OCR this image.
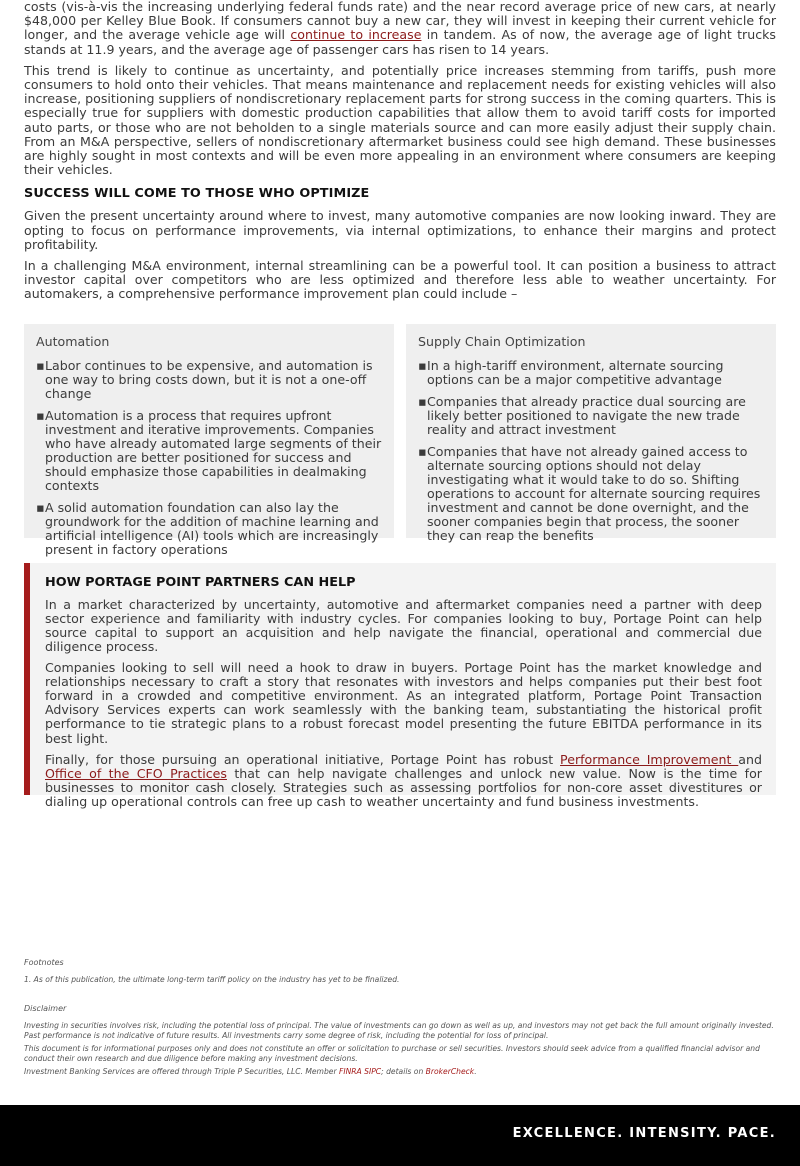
costs (vis-à-vis the increasing underlying federal funds rate) and the near record average price of new cars, at nearly $48,000 per Kelley Blue Book. If consumers cannot buy a new car, they will invest in keeping their current vehicle for longer, and the average vehicle age will continue to increase in tandem. As of now, the average age of light trucks stands at 11.9 years, and the average age of passenger cars has risen to 14 years.

This trend is likely to continue as uncertainty, and potentially price increases stemming from tariffs, push more consumers to hold onto their vehicles. That means maintenance and replacement needs for existing vehicles will also increase, positioning suppliers of nondiscretionary replacement parts for strong success in the coming quarters. This is especially true for suppliers with domestic production capabilities that allow them to avoid tariff costs for imported auto parts, or those who are not beholden to a single materials source and can more easily adjust their supply chain. From an M&A perspective, sellers of nondiscretionary aftermarket business could see high demand. These businesses are highly sought in most contexts and will be even more appealing in an environment where consumers are keeping their vehicles.

SUCCESS WILL COME TO THOSE WHO OPTIMIZE

Given the present uncertainty around where to invest, many automotive companies are now looking inward. They are opting to focus on performance improvements, via internal optimizations, to enhance their margins and protect profitability.

In a challenging M&A environment, internal streamlining can be a powerful tool. It can position a business to attract investor capital over competitors who are less optimized and therefore less able to weather uncertainty. For automakers, a comprehensive performance improvement plan could include –

Automation
▪ Labor continues to be expensive, and automation is one way to bring costs down, but it is not a one-off change
▪ Automation is a process that requires upfront investment and iterative improvements. Companies who have already automated large segments of their production are better positioned for success and should emphasize those capabilities in dealmaking contexts
▪ A solid automation foundation can also lay the groundwork for the addition of machine learning and artificial intelligence (AI) tools which are increasingly present in factory operations
Supply Chain Optimization
▪ In a high-tariff environment, alternate sourcing options can be a major competitive advantage
▪ Companies that already practice dual sourcing are likely better positioned to navigate the new trade reality and attract investment
▪ Companies that have not already gained access to alternate sourcing options should not delay investigating what it would take to do so. Shifting operations to account for alternate sourcing requires investment and cannot be done overnight, and the sooner companies begin that process, the sooner they can reap the benefits
HOW PORTAGE POINT PARTNERS CAN HELP

In a market characterized by uncertainty, automotive and aftermarket companies need a partner with deep sector experience and familiarity with industry cycles. For companies looking to buy, Portage Point can help source capital to support an acquisition and help navigate the financial, operational and commercial due diligence process.

Companies looking to sell will need a hook to draw in buyers. Portage Point has the market knowledge and relationships necessary to craft a story that resonates with investors and helps companies put their best foot forward in a crowded and competitive environment. As an integrated platform, Portage Point Transaction Advisory Services experts can work seamlessly with the banking team, substantiating the historical profit performance to tie strategic plans to a robust forecast model presenting the future EBITDA performance in its best light.

Finally, for those pursuing an operational initiative, Portage Point has robust Performance Improvement and Office of the CFO Practices that can help navigate challenges and unlock new value. Now is the time for businesses to monitor cash closely. Strategies such as assessing portfolios for non-core asset divestitures or dialing up operational controls can free up cash to weather uncertainty and fund business investments.

Footnotes

1. As of this publication, the ultimate long-term tariff policy on the industry has yet to be finalized.

Disclaimer

Investing in securities involves risk, including the potential loss of principal. The value of investments can go down as well as up, and investors may not get back the full amount originally invested. Past performance is not indicative of future results. All investments carry some degree of risk, including the potential for loss of principal.

This document is for informational purposes only and does not constitute an offer or solicitation to purchase or sell securities. Investors should seek advice from a qualified financial advisor and conduct their own research and due diligence before making any investment decisions.

Investment Banking Services are offered through Triple P Securities, LLC. Member FINRA SIPC; details on BrokerCheck.

EXCELLENCE. INTENSITY. PACE.
